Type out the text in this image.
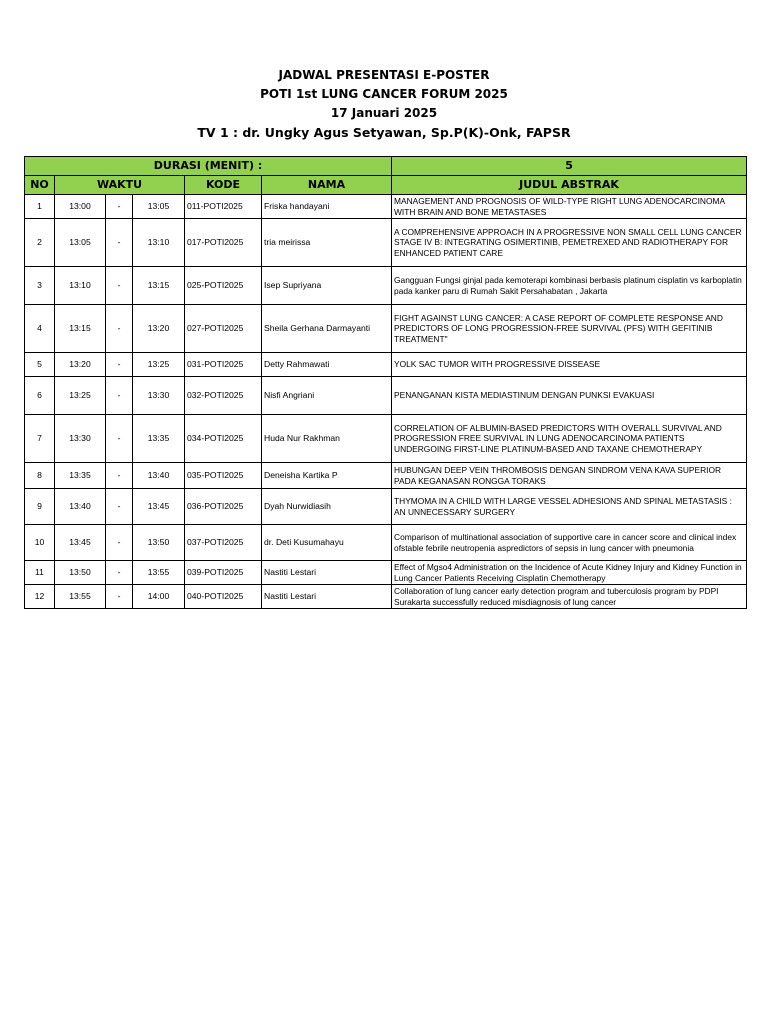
JADWAL PRESENTASI E-POSTER
POTI 1st LUNG CANCER FORUM 2025
17 Januari 2025
TV 1 : dr. Ungky Agus Setyawan, Sp.P(K)-Onk, FAPSR
DURASI (MENIT) :						5
NO	WAKTU			KODE	NAMA	JUDUL ABSTRAK
1	13:00	-	13:05	011-POTI2025	Friska handayani	MANAGEMENT AND PROGNOSIS OF WILD-TYPE RIGHT LUNG ADENOCARCINOMA WITH BRAIN AND BONE METASTASES
2	13:05	-	13:10	017-POTI2025	tria meirissa	A COMPREHENSIVE APPROACH IN A PROGRESSIVE NON SMALL CELL LUNG CANCER STAGE IV B: INTEGRATING OSIMERTINIB, PEMETREXED AND RADIOTHERAPY FOR ENHANCED PATIENT CARE
3	13:10	-	13:15	025-POTI2025	Isep Supriyana	Gangguan Fungsi ginjal pada kemoterapi kombinasi berbasis platinum cisplatin vs karboplatin pada kanker paru di Rumah Sakit Persahabatan , Jakarta
4	13:15	-	13:20	027-POTI2025	Sheila Gerhana Darmayanti	FIGHT AGAINST LUNG CANCER: A CASE REPORT OF COMPLETE RESPONSE AND PREDICTORS OF LONG PROGRESSION-FREE SURVIVAL (PFS) WITH GEFITINIB TREATMENT"
5	13:20	-	13:25	031-POTI2025	Detty Rahmawati	YOLK SAC TUMOR WITH PROGRESSIVE DISSEASE
6	13:25	-	13:30	032-POTI2025	Nisfi Angriani	PENANGANAN KISTA MEDIASTINUM DENGAN PUNKSI EVAKUASI
7	13:30	-	13:35	034-POTI2025	Huda Nur Rakhman	CORRELATION OF ALBUMIN-BASED PREDICTORS WITH OVERALL SURVIVAL AND PROGRESSION FREE SURVIVAL IN LUNG ADENOCARCINOMA PATIENTS UNDERGOING FIRST-LINE PLATINUM-BASED AND TAXANE CHEMOTHERAPY
8	13:35	-	13:40	035-POTI2025	Deneisha Kartika P	HUBUNGAN DEEP VEIN THROMBOSIS DENGAN SINDROM VENA KAVA SUPERIOR PADA KEGANASAN RONGGA TORAKS
9	13:40	-	13:45	036-POTI2025	Dyah Nurwidiasih	THYMOMA IN A CHILD WITH LARGE VESSEL ADHESIONS AND SPINAL METASTASIS : AN UNNECESSARY SURGERY
10	13:45	-	13:50	037-POTI2025	dr. Deti Kusumahayu	Comparison of multinational association of supportive care in cancer score and clinical index ofstable febrile neutropenia aspredictors of sepsis in lung cancer with pneumonia
11	13:50	-	13:55	039-POTI2025	Nastiti Lestari	Effect of Mgso4 Administration on the Incidence of Acute Kidney Injury and Kidney Function in Lung Cancer Patients Receiving Cisplatin Chemotherapy
12	13:55	-	14:00	040-POTI2025	Nastiti Lestari	Collaboration of lung cancer early detection program and tuberculosis program by PDPI Surakarta successfully reduced misdiagnosis of lung cancer
